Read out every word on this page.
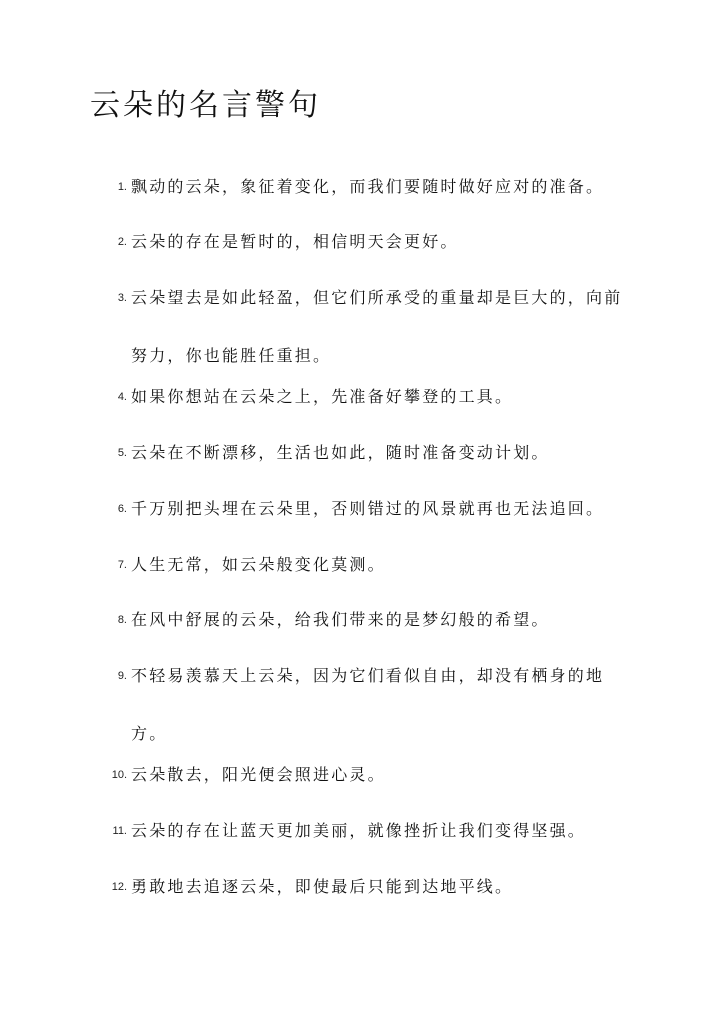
云朵的名言警句
1. 飘动的云朵，象征着变化，而我们要随时做好应对的准备。
2. 云朵的存在是暂时的，相信明天会更好。
3. 云朵望去是如此轻盈，但它们所承受的重量却是巨大的，向前努力，你也能胜任重担。
4. 如果你想站在云朵之上，先准备好攀登的工具。
5. 云朵在不断漂移，生活也如此，随时准备变动计划。
6. 千万别把头埋在云朵里，否则错过的风景就再也无法追回。
7. 人生无常，如云朵般变化莫测。
8. 在风中舒展的云朵，给我们带来的是梦幻般的希望。
9. 不轻易羡慕天上云朵，因为它们看似自由，却没有栖身的地方。
10. 云朵散去，阳光便会照进心灵。
11. 云朵的存在让蓝天更加美丽，就像挫折让我们变得坚强。
12. 勇敢地去追逐云朵，即使最后只能到达地平线。
